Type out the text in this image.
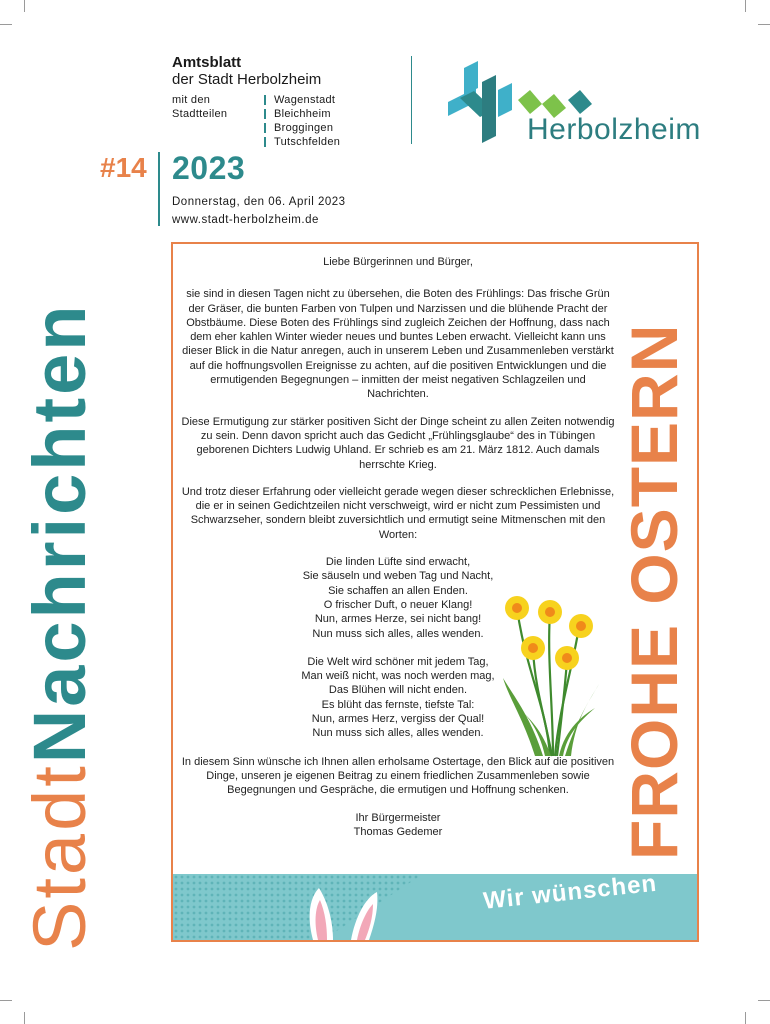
Amtsblatt
der Stadt Herbolzheim
mit den Stadtteilen
Wagenstadt
Bleichheim
Broggingen
Tutschfelden	Herbolzheim
#14 2023
Donnerstag, den 06. April 2023
www.stadt-herbolzheim.de
StadtNachrichten

Liebe Bürgerinnen und Bürger,

sie sind in diesen Tagen nicht zu übersehen, die Boten des Frühlings: Das frische Grün der Gräser, die bunten Farben von Tulpen und Narzissen und die blühende Pracht der Obstbäume. Diese Boten des Frühlings sind zugleich Zeichen der Hoffnung, dass nach dem eher kahlen Winter wieder neues und buntes Leben erwacht. Vielleicht kann uns dieser Blick in die Natur anregen, auch in unserem Leben und Zusammenleben verstärkt auf die hoffnungsvollen Ereignisse zu achten, auf die positiven Entwicklungen und die ermutigenden Begegnungen – inmitten der meist negativen Schlagzeilen und Nachrichten.

Diese Ermutigung zur stärker positiven Sicht der Dinge scheint zu allen Zeiten notwendig zu sein. Denn davon spricht auch das Gedicht „Frühlingsglaube“ des in Tübingen geborenen Dichters Ludwig Uhland. Er schrieb es am 21. März 1812. Auch damals herrschte Krieg.

Und trotz dieser Erfahrung oder vielleicht gerade wegen dieser schrecklichen Erlebnisse, die er in seinen Gedichtzeilen nicht verschweigt, wird er nicht zum Pessimisten und Schwarzseher, sondern bleibt zuversichtlich und ermutigt seine Mitmenschen mit den Worten:

Die linden Lüfte sind erwacht,
Sie säuseln und weben Tag und Nacht,
Sie schaffen an allen Enden.
O frischer Duft, o neuer Klang!
Nun, armes Herze, sei nicht bang!
Nun muss sich alles, alles wenden.
Die Welt wird schöner mit jedem Tag,
Man weiß nicht, was noch werden mag,
Das Blühen will nicht enden.
Es blüht das fernste, tiefste Tal:
Nun, armes Herz, vergiss der Qual!
Nun muss sich alles, alles wenden.

In diesem Sinn wünsche ich Ihnen allen erholsame Ostertage, den Blick auf die positiven Dinge, unseren je eigenen Beitrag zu einem friedlichen Zusammenleben sowie Begegnungen und Gespräche, die ermutigen und Hoffnung schenken.

Ihr Bürgermeister
Thomas Gedemer	FROHE OSTERN
Wir wünschen
